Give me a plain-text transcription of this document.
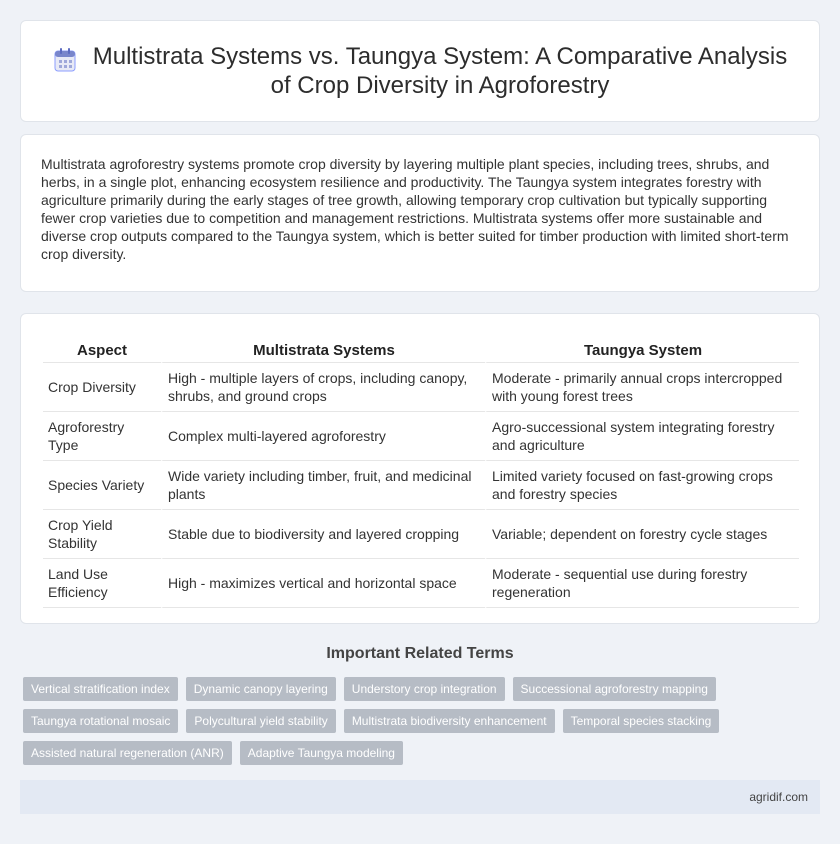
Multistrata Systems vs. Taungya System: A Comparative Analysis of Crop Diversity in Agroforestry

Multistrata agroforestry systems promote crop diversity by layering multiple plant species, including trees, shrubs, and herbs, in a single plot, enhancing ecosystem resilience and productivity. The Taungya system integrates forestry with agriculture primarily during the early stages of tree growth, allowing temporary crop cultivation but typically supporting fewer crop varieties due to competition and management restrictions. Multistrata systems offer more sustainable and diverse crop outputs compared to the Taungya system, which is better suited for timber production with limited short-term crop diversity.

Aspect	Multistrata Systems	Taungya System
Crop Diversity	High - multiple layers of crops, including canopy, shrubs, and ground crops	Moderate - primarily annual crops intercropped with young forest trees
Agroforestry Type	Complex multi-layered agroforestry	Agro-successional system integrating forestry and agriculture
Species Variety	Wide variety including timber, fruit, and medicinal plants	Limited variety focused on fast-growing crops and forestry species
Crop Yield Stability	Stable due to biodiversity and layered cropping	Variable; dependent on forestry cycle stages
Land Use Efficiency	High - maximizes vertical and horizontal space	Moderate - sequential use during forestry regeneration
Important Related Terms
Vertical stratification index	Dynamic canopy layering	Understory crop integration	Successional agroforestry mapping
Taungya rotational mosaic	Polycultural yield stability	Multistrata biodiversity enhancement	Temporal species stacking
Assisted natural regeneration (ANR)	Adaptive Taungya modeling
agridif.com
